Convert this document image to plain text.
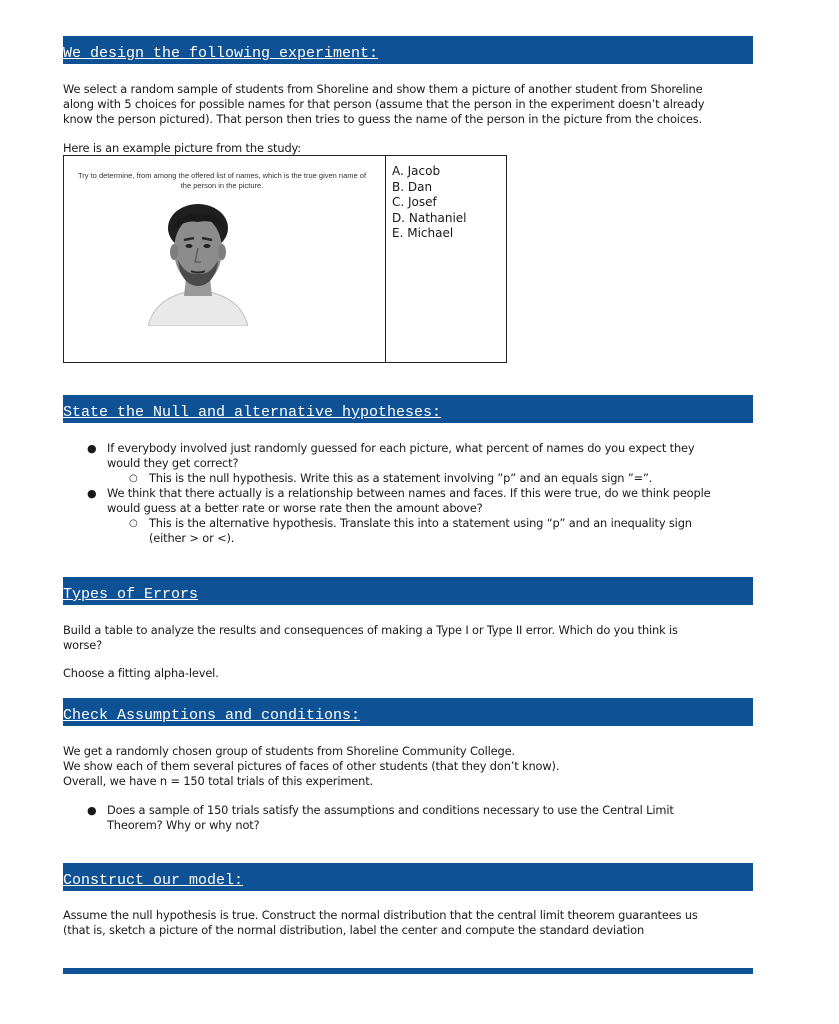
We design the following experiment:
We select a random sample of students from Shoreline and show them a picture of another student from Shoreline
along with 5 choices for possible names for that person (assume that the person in the experiment doesn’t already
know the person pictured). That person then tries to guess the name of the person in the picture from the choices.
Here is an example picture from the study:
Try to determine, from among the offered list of names, which is the true given name of the person in the picture.
A. Jacob
B. Dan
C. Josef
D. Nathaniel
E. Michael
State the Null and alternative hypotheses:
● If everybody involved just randomly guessed for each picture, what percent of names do you expect they
would they get correct?
○ This is the null hypothesis. Write this as a statement involving ”p” and an equals sign ”=”.
● We think that there actually is a relationship between names and faces. If this were true, do we think people
would guess at a better rate or worse rate then the amount above?
○ This is the alternative hypothesis. Translate this into a statement using “p” and an inequality sign
(either > or <).
Types of Errors
Build a table to analyze the results and consequences of making a Type I or Type II error. Which do you think is
worse?
Choose a fitting alpha-level.
Check Assumptions and conditions:
We get a randomly chosen group of students from Shoreline Community College.
We show each of them several pictures of faces of other students (that they don’t know).
Overall, we have n = 150 total trials of this experiment.
● Does a sample of 150 trials satisfy the assumptions and conditions necessary to use the Central Limit
Theorem? Why or why not?
Construct our model:
Assume the null hypothesis is true. Construct the normal distribution that the central limit theorem guarantees us
(that is, sketch a picture of the normal distribution, label the center and compute the standard deviation
